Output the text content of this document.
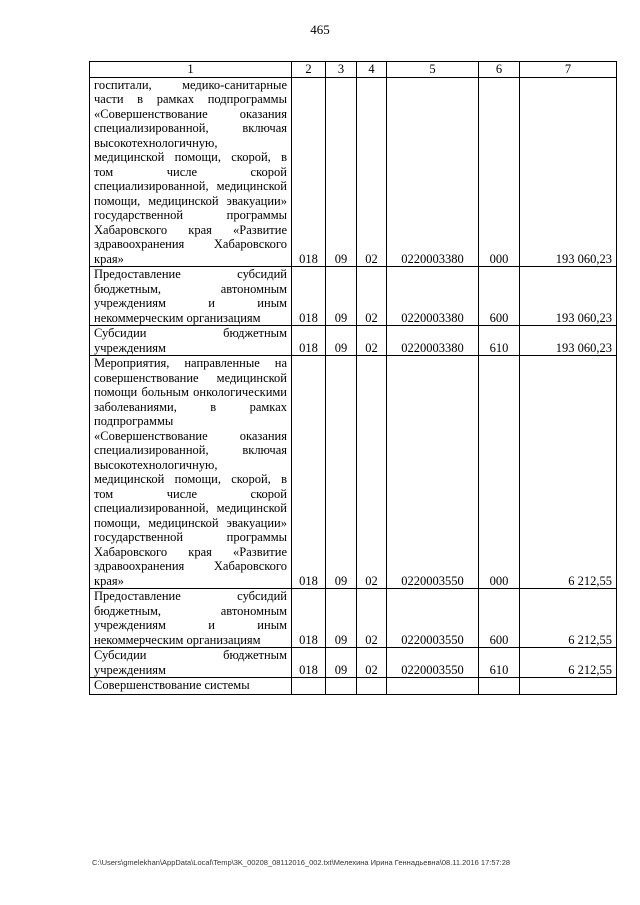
465
1	2	3	4	5	6	7
госпитали, медико-санитарные части в рамках подпрограммы «Совершенствование оказания специализированной, включая высокотехнологичную, медицинской помощи, скорой, в том числе скорой специализированной, медицинской помощи, медицинской эвакуации» государственной программы Хабаровского края «Развитие здравоохранения Хабаровского края»	018	09	02	0220003380	000	193 060,23
Предоставление субсидий бюджетным, автономным учреждениям и иным некоммерческим организациям	018	09	02	0220003380	600	193 060,23
Субсидии бюджетным учреждениям	018	09	02	0220003380	610	193 060,23
Мероприятия, направленные на совершенствование медицинской помощи больным онкологическими заболеваниями, в рамках подпрограммы «Совершенствование оказания специализированной, включая высокотехнологичную, медицинской помощи, скорой, в том числе скорой специализированной, медицинской помощи, медицинской эвакуации» государственной программы Хабаровского края «Развитие здравоохранения Хабаровского края»	018	09	02	0220003550	000	6 212,55
Предоставление субсидий бюджетным, автономным учреждениям и иным некоммерческим организациям	018	09	02	0220003550	600	6 212,55
Субсидии бюджетным учреждениям	018	09	02	0220003550	610	6 212,55
Совершенствование системы						
C:\Users\gmelekhan\AppData\Local\Temp\3K_00208_08112016_002.txt\Мелехина Ирина Геннадьевна\08.11.2016 17:57:28
